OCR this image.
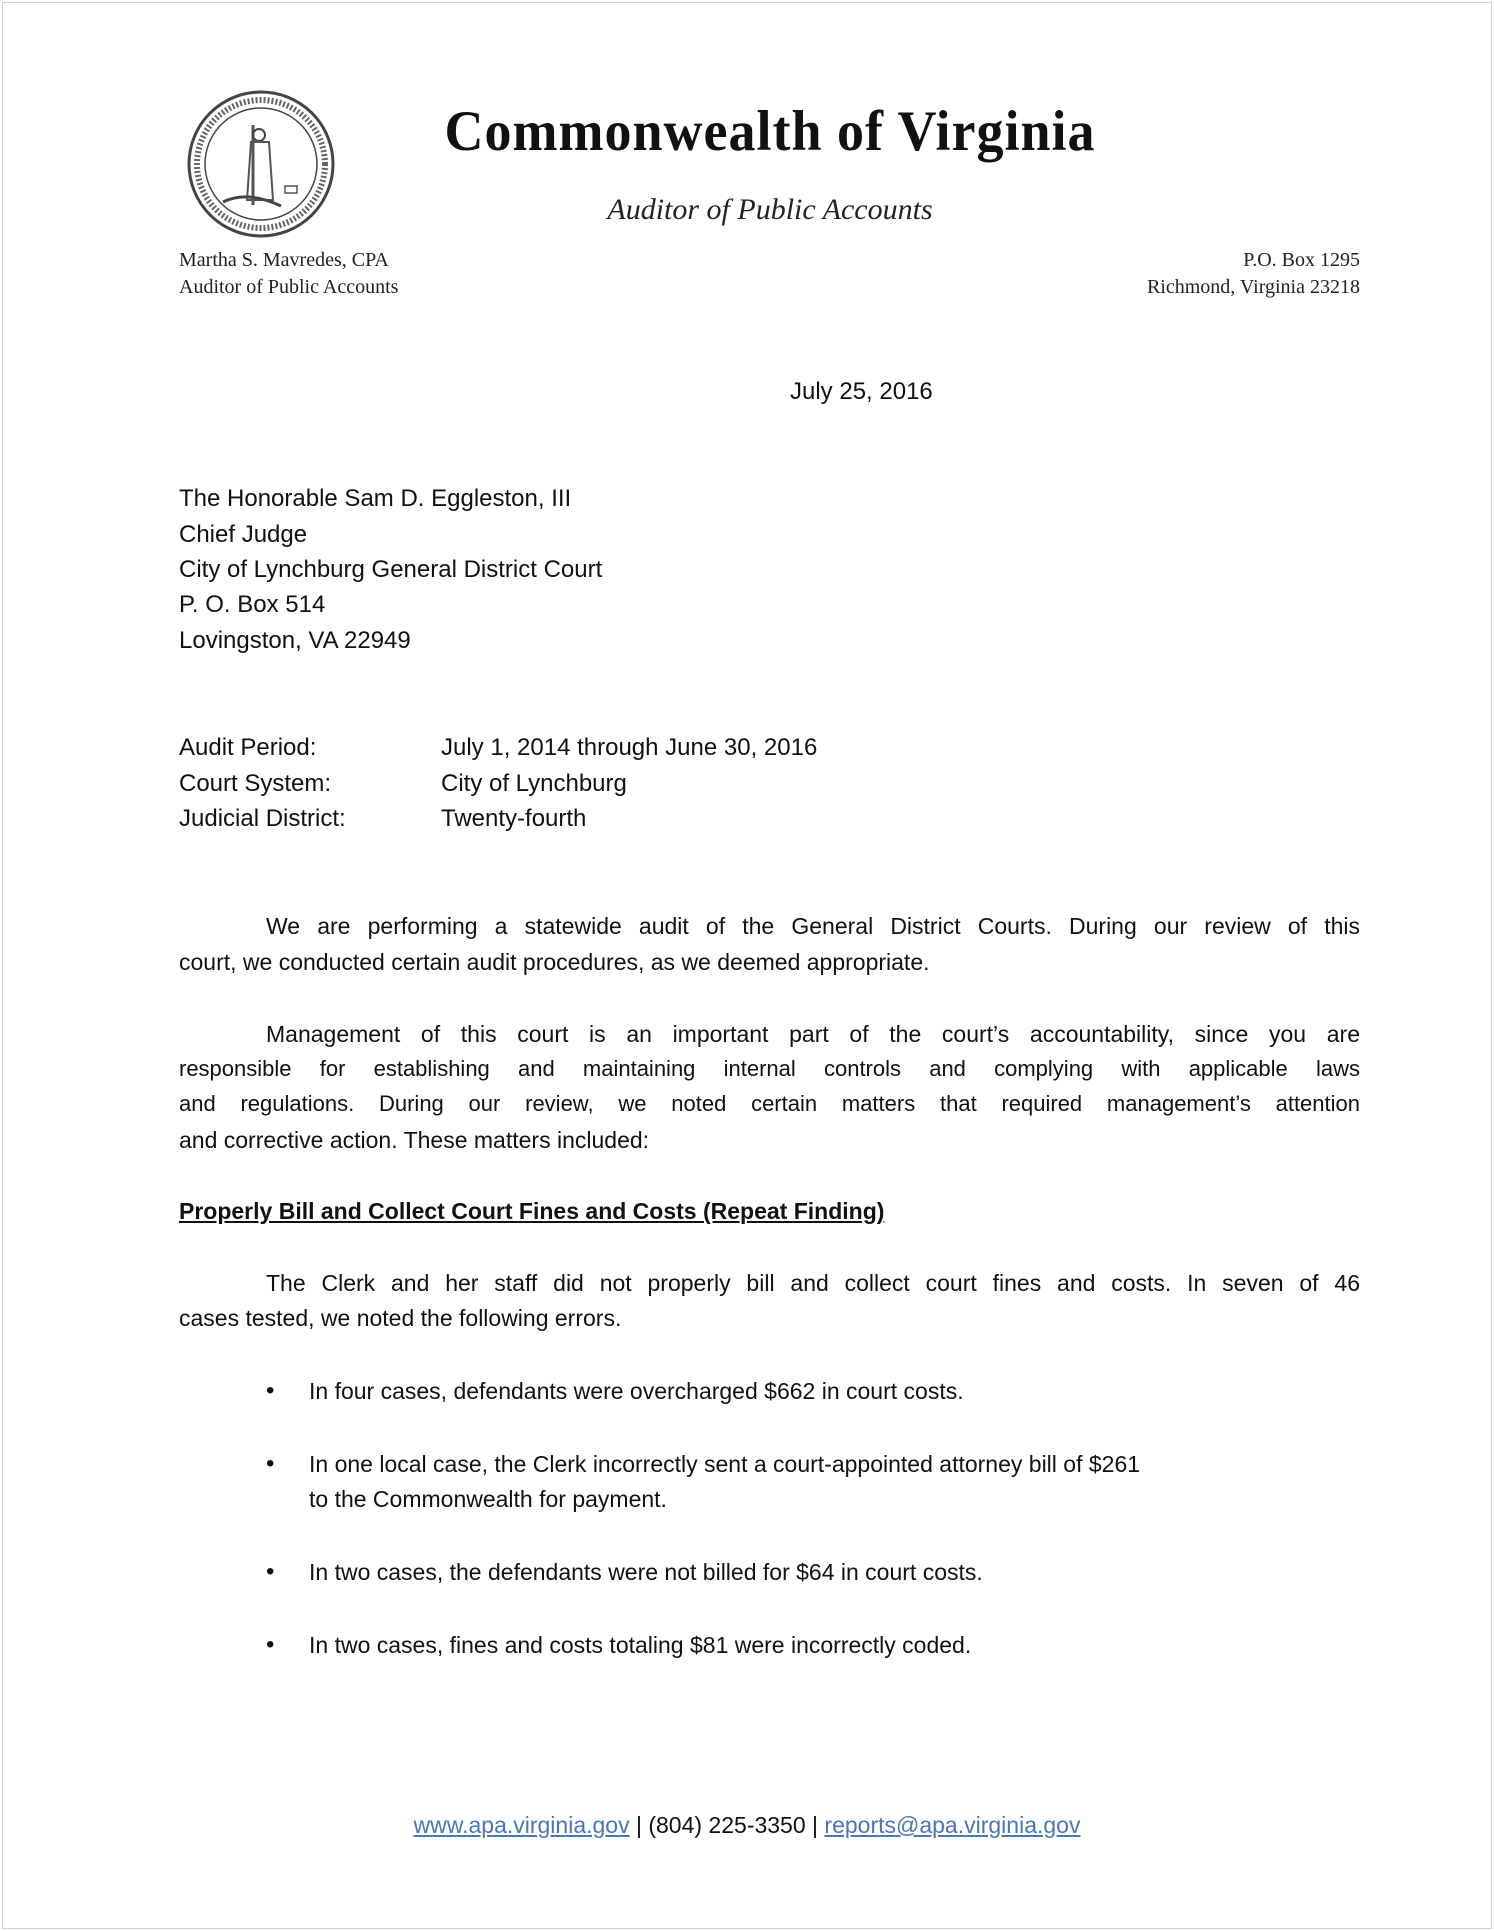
Commonwealth of Virginia
Auditor of Public Accounts
Martha S. Mavredes, CPA
Auditor of Public Accounts
P.O. Box 1295
Richmond, Virginia 23218
July 25, 2016
The Honorable Sam D. Eggleston, III
Chief Judge
City of Lynchburg General District Court
P. O. Box 514
Lovingston, VA 22949
Audit Period:	July 1, 2014 through June 30, 2016
Court System:	City of Lynchburg
Judicial District:	Twenty-fourth
We are performing a statewide audit of the General District Courts. During our review of this
court, we conducted certain audit procedures, as we deemed appropriate.
Management of this court is an important part of the court’s accountability, since you are
responsible for establishing and maintaining internal controls and complying with applicable laws
and regulations. During our review, we noted certain matters that required management’s attention
and corrective action. These matters included:
Properly Bill and Collect Court Fines and Costs (Repeat Finding)
The Clerk and her staff did not properly bill and collect court fines and costs. In seven of 46
cases tested, we noted the following errors.
• In four cases, defendants were overcharged $662 in court costs.
• In one local case, the Clerk incorrectly sent a court-appointed attorney bill of $261
to the Commonwealth for payment.
• In two cases, the defendants were not billed for $64 in court costs.
• In two cases, fines and costs totaling $81 were incorrectly coded.
www.apa.virginia.gov | (804) 225-3350 | reports@apa.virginia.gov
